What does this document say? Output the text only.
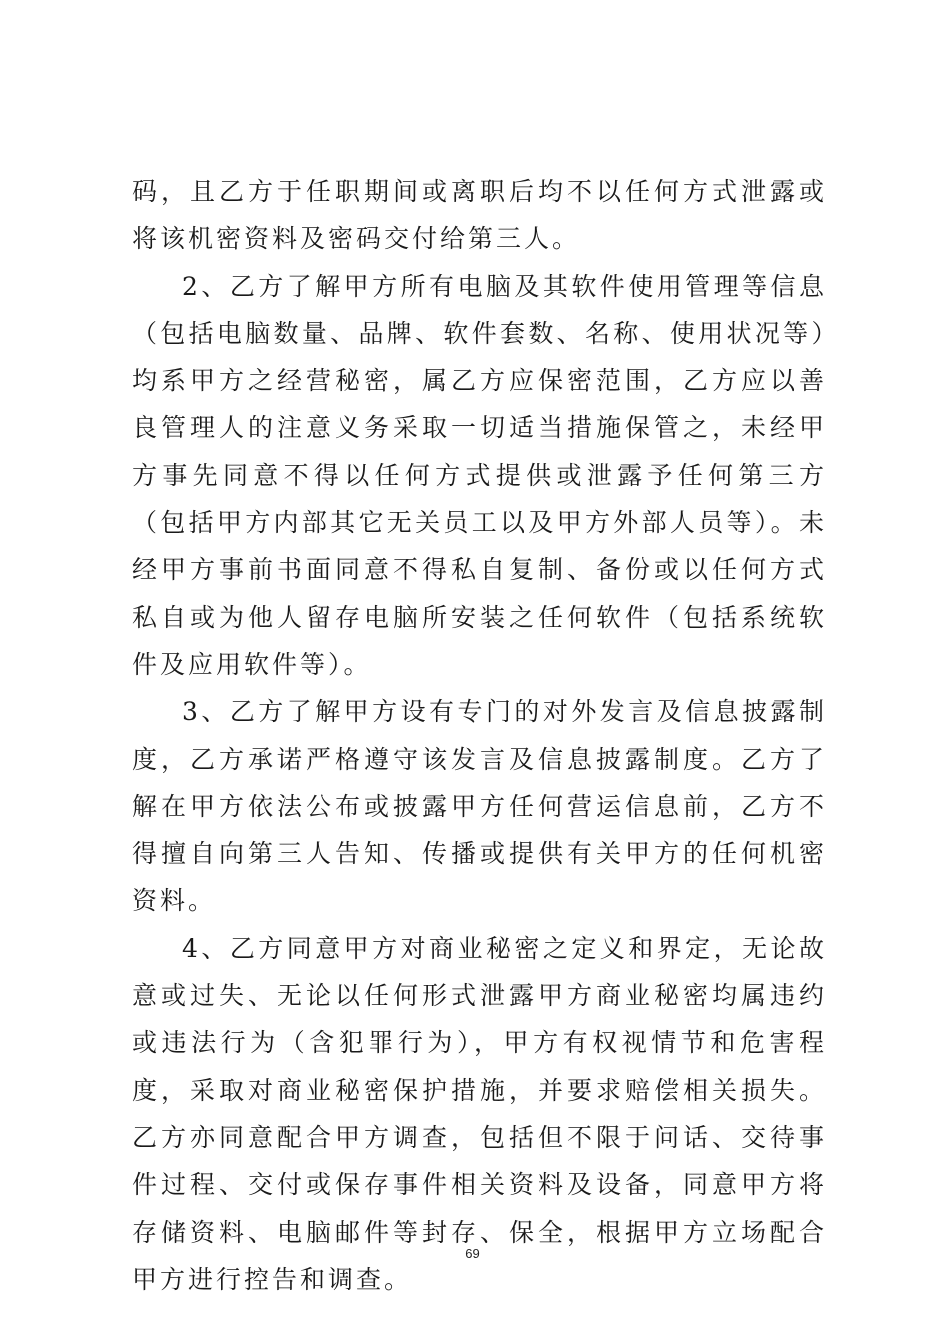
码，且乙方于任职期间或离职后均不以任何方式泄露或将该机密资料及密码交付给第三人。

2、乙方了解甲方所有电脑及其软件使用管理等信息（包括电脑数量、品牌、软件套数、名称、使用状况等）均系甲方之经营秘密，属乙方应保密范围，乙方应以善良管理人的注意义务采取一切适当措施保管之，未经甲方事先同意不得以任何方式提供或泄露予任何第三方（包括甲方内部其它无关员工以及甲方外部人员等）。未经甲方事前书面同意不得私自复制、备份或以任何方式私自或为他人留存电脑所安装之任何软件（包括系统软件及应用软件等）。

3、乙方了解甲方设有专门的对外发言及信息披露制度，乙方承诺严格遵守该发言及信息披露制度。乙方了解在甲方依法公布或披露甲方任何营运信息前，乙方不得擅自向第三人告知、传播或提供有关甲方的任何机密资料。

4、乙方同意甲方对商业秘密之定义和界定，无论故意或过失、无论以任何形式泄露甲方商业秘密均属违约或违法行为（含犯罪行为），甲方有权视情节和危害程度，采取对商业秘密保护措施，并要求赔偿相关损失。乙方亦同意配合甲方调查，包括但不限于问话、交待事件过程、交付或保存事件相关资料及设备，同意甲方将存储资料、电脑邮件等封存、保全，根据甲方立场配合甲方进行控告和调查。

69
